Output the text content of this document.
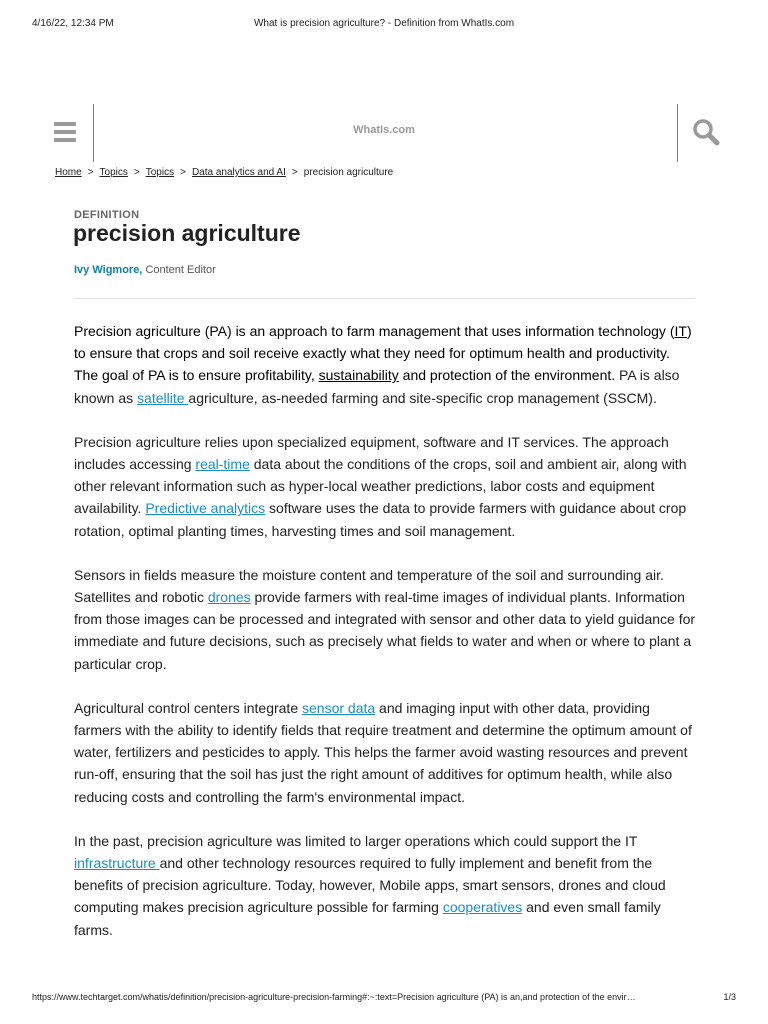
4/16/22, 12:34 PM	What is precision agriculture? - Definition from WhatIs.com
WhatIs.com
Home > Topics > Topics > Data analytics and AI > precision agriculture
DEFINITION
precision agriculture
Ivy Wigmore, Content Editor

Precision agriculture (PA) is an approach to farm management that uses information technology (IT) to ensure that crops and soil receive exactly what they need for optimum health and productivity. The goal of PA is to ensure profitability, sustainability and protection of the environment. PA is also known as satellite agriculture, as-needed farming and site-specific crop management (SSCM).

Precision agriculture relies upon specialized equipment, software and IT services. The approach includes accessing real-time data about the conditions of the crops, soil and ambient air, along with other relevant information such as hyper-local weather predictions, labor costs and equipment availability. Predictive analytics software uses the data to provide farmers with guidance about crop rotation, optimal planting times, harvesting times and soil management.

Sensors in fields measure the moisture content and temperature of the soil and surrounding air. Satellites and robotic drones provide farmers with real-time images of individual plants. Information from those images can be processed and integrated with sensor and other data to yield guidance for immediate and future decisions, such as precisely what fields to water and when or where to plant a particular crop.

Agricultural control centers integrate sensor data and imaging input with other data, providing farmers with the ability to identify fields that require treatment and determine the optimum amount of water, fertilizers and pesticides to apply. This helps the farmer avoid wasting resources and prevent run-off, ensuring that the soil has just the right amount of additives for optimum health, while also reducing costs and controlling the farm's environmental impact.

In the past, precision agriculture was limited to larger operations which could support the IT infrastructure and other technology resources required to fully implement and benefit from the benefits of precision agriculture. Today, however, Mobile apps, smart sensors, drones and cloud computing makes precision agriculture possible for farming cooperatives and even small family farms.

https://www.techtarget.com/whatis/definition/precision-agriculture-precision-farming#:~:text=Precision agriculture (PA) is an,and protection of the envir…	1/3
